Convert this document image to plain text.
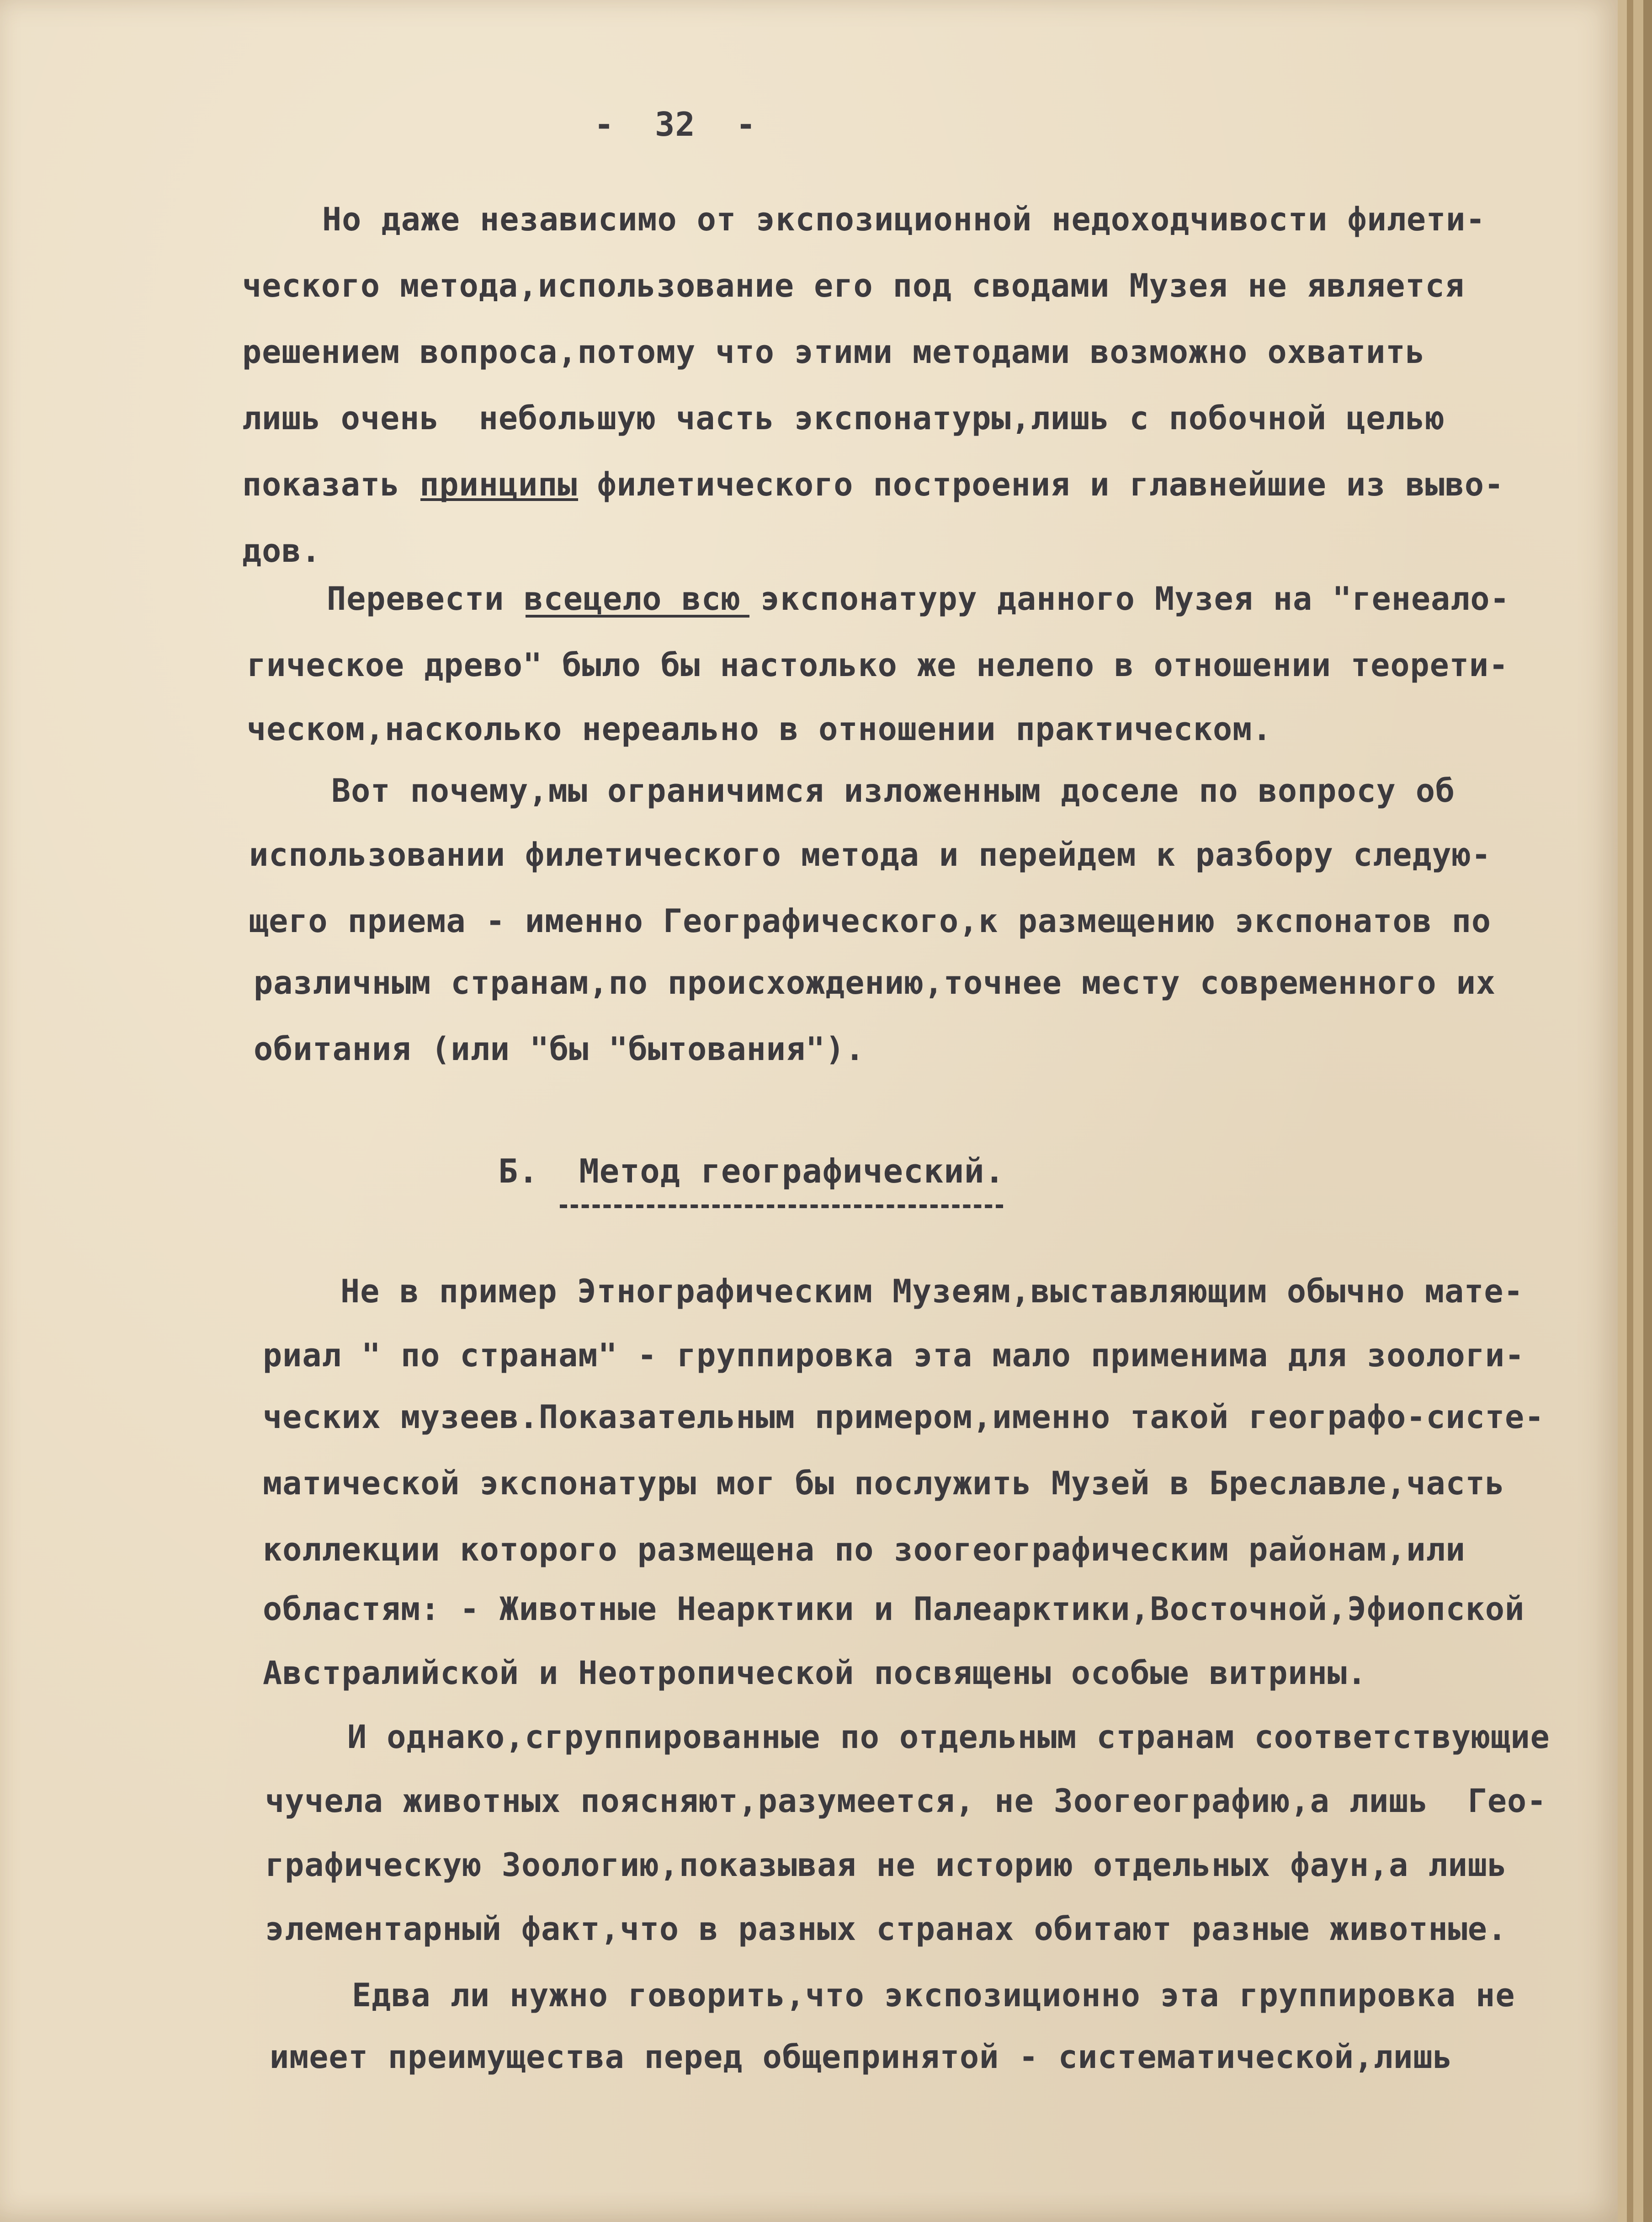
-  32  -
Но даже независимо от экспозиционной недоходчивости филети-
ческого метода,использование его под сводами Музея не является
решением вопроса,потому что этими методами возможно охватить
лишь очень  небольшую часть экспонатуры,лишь с побочной целью
показать принципы филетического построения и главнейшие из выво-
дов.
Перевести всецело всю экспонатуру данного Музея на "генеало-
гическое древо" было бы настолько же нелепо в отношении теорети-
ческом,насколько нереально в отношении практическом.
Вот почему,мы ограничимся изложенным доселе по вопросу об
использовании филетического метода и перейдем к разбору следую-
щего приема - именно Географического,к размещению экспонатов по
различным странам,по происхождению,точнее месту современного их
обитания (или "бы "бытования").
Б.  Метод географический.
Не в пример Этнографическим Музеям,выставляющим обычно мате-
риал " по странам" - группировка эта мало применима для зоологи-
ческих музеев.Показательным примером,именно такой географо-систе-
матической экспонатуры мог бы послужить Музей в Бреславле,часть
коллекции которого размещена по зоогеографическим районам,или
областям: - Животные Неарктики и Палеарктики,Восточной,Эфиопской
Австралийской и Неотропической посвящены особые витрины.
И однако,сгруппированные по отдельным странам соответствующие
чучела животных поясняют,разумеется, не Зоогеографию,а лишь  Гео-
графическую Зоологию,показывая не историю отдельных фаун,а лишь
элементарный факт,что в разных странах обитают разные животные.
Едва ли нужно говорить,что экспозиционно эта группировка не
имеет преимущества перед общепринятой - систематической,лишь
